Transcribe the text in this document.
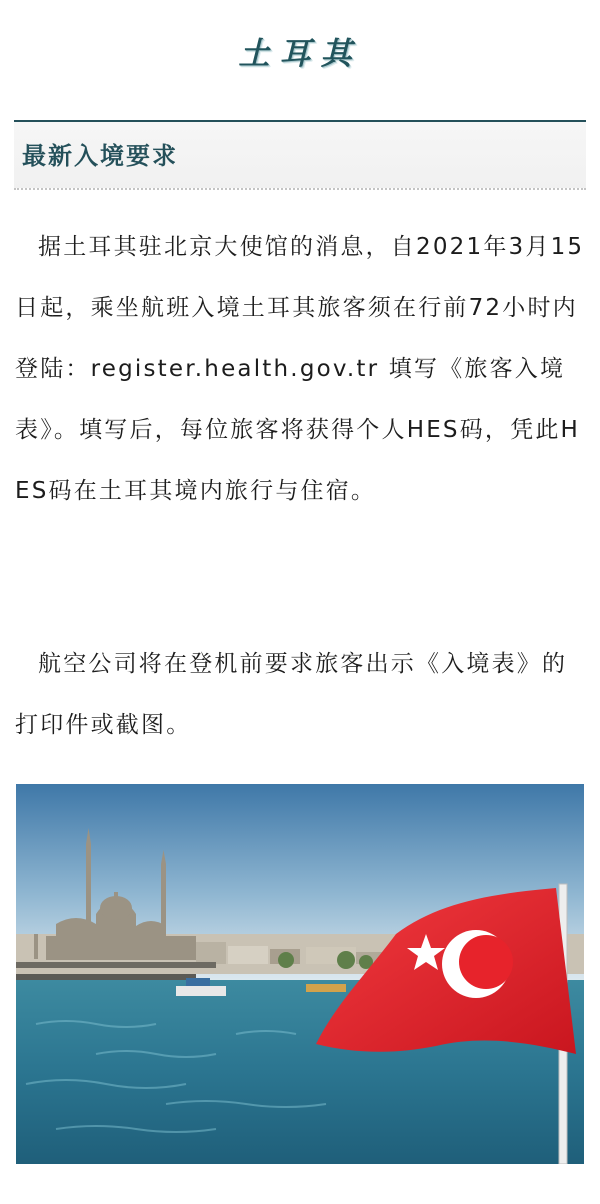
土耳其
最新入境要求

据土耳其驻北京大使馆的消息，自2021年3月15日起，乘坐航班入境土耳其旅客须在行前72小时内登陆：register.health.gov.tr 填写《旅客入境表》。填写后，每位旅客将获得个人HES码，凭此HES码在土耳其境内旅行与住宿。

航空公司将在登机前要求旅客出示《入境表》的打印件或截图。
